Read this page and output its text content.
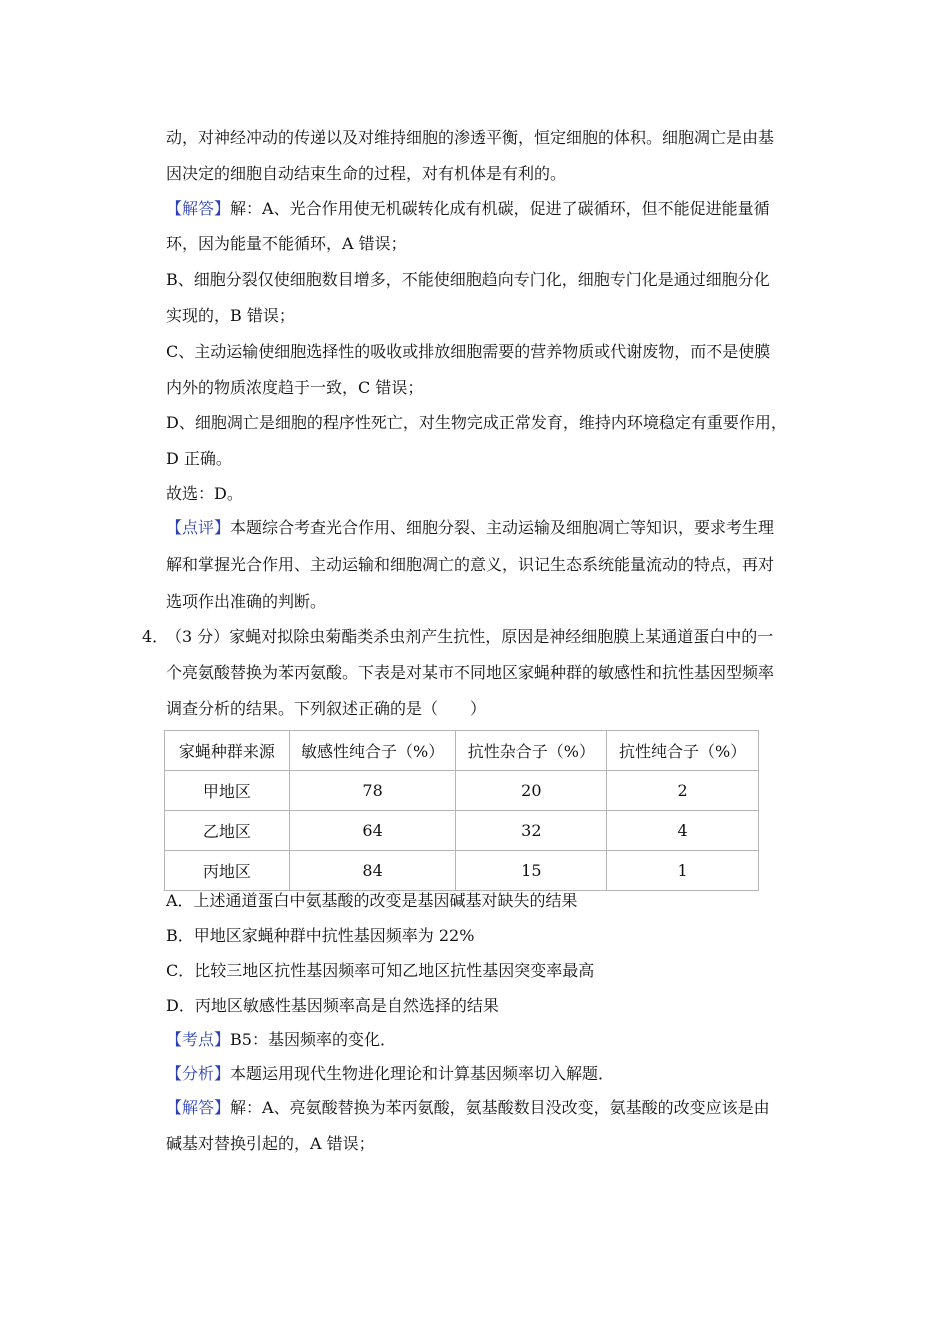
动，对神经冲动的传递以及对维持细胞的渗透平衡，恒定细胞的体积。细胞凋亡是由基
因决定的细胞自动结束生命的过程，对有机体是有利的。
【解答】解：A、光合作用使无机碳转化成有机碳，促进了碳循环，但不能促进能量循
环，因为能量不能循环，A 错误；
B、细胞分裂仅使细胞数目增多，不能使细胞趋向专门化，细胞专门化是通过细胞分化
实现的，B 错误；
C、主动运输使细胞选择性的吸收或排放细胞需要的营养物质或代谢废物，而不是使膜
内外的物质浓度趋于一致，C 错误；
D、细胞凋亡是细胞的程序性死亡，对生物完成正常发育，维持内环境稳定有重要作用，
D 正确。
故选：D。
【点评】本题综合考查光合作用、细胞分裂、主动运输及细胞凋亡等知识，要求考生理
解和掌握光合作用、主动运输和细胞凋亡的意义，识记生态系统能量流动的特点，再对
选项作出准确的判断。
4．
（3 分）家蝇对拟除虫菊酯类杀虫剂产生抗性，原因是神经细胞膜上某通道蛋白中的一
个亮氨酸替换为苯丙氨酸。下表是对某市不同地区家蝇种群的敏感性和抗性基因型频率
调查分析的结果。下列叙述正确的是（　　）
家蝇种群来源	敏感性纯合子（%）	抗性杂合子（%）	抗性纯合子（%）
甲地区	78	20	2
乙地区	64	32	4
丙地区	84	15	1
A．上述通道蛋白中氨基酸的改变是基因碱基对缺失的结果
B．甲地区家蝇种群中抗性基因频率为 22%
C．比较三地区抗性基因频率可知乙地区抗性基因突变率最高
D．丙地区敏感性基因频率高是自然选择的结果
【考点】B5：基因频率的变化．
【分析】本题运用现代生物进化理论和计算基因频率切入解题．
【解答】解：A、亮氨酸替换为苯丙氨酸，氨基酸数目没改变，氨基酸的改变应该是由
碱基对替换引起的，A 错误；
